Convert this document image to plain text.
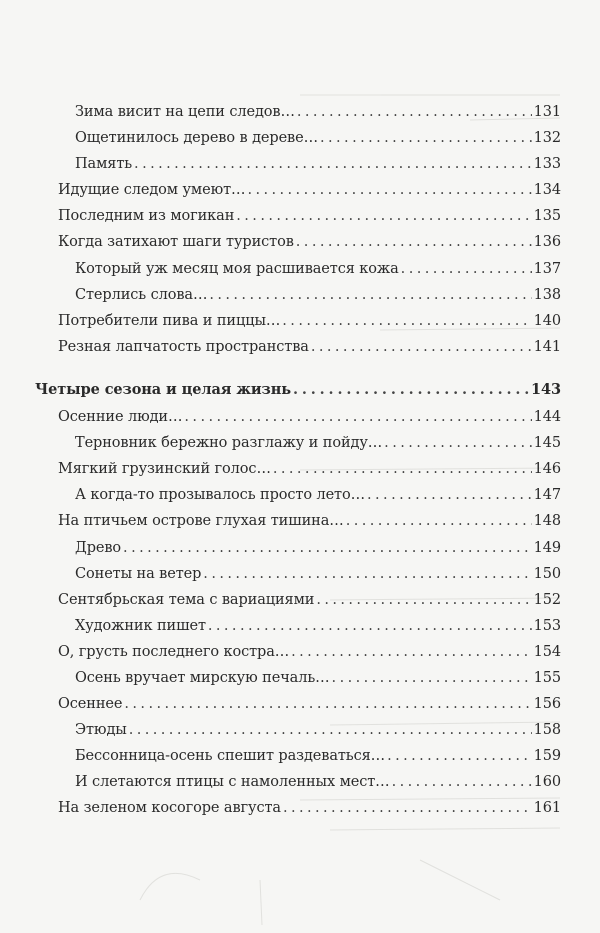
Зима висит на цепи следов… . . .	131
Ощетинилось дерево в дереве… . . .	132
Память . . .	133
Идущие следом умеют… . . .	134
Последним из могикан . . .	135
Когда затихают шаги туристов . . .	136
Который уж месяц моя расшивается кожа . . .	137
Стерлись слова… . . .	138
Потребители пива и пиццы… . . .	140
Резная лапчатость пространства . . .	141
Четыре сезона и целая жизнь . . .	143
Осенние люди… . . .	144
Терновник бережно разглажу и пойду… . . .	145
Мягкий грузинский голос… . . .	146
А когда-то прозывалось просто лето… . . .	147
На птичьем острове глухая тишина… . . .	148
Древо . . .	149
Сонеты на ветер . . .	150
Сентябрьская тема с вариациями . . .	152
Художник пишет . . .	153
О, грусть последнего костра… . . .	154
Осень вручает мирскую печаль… . . .	155
Осеннее . . .	156
Этюды . . .	158
Бессонница-осень спешит раздеваться… . . .	159
И слетаются птицы с намоленных мест… . . .	160
На зеленом косогоре августа . . .	161
